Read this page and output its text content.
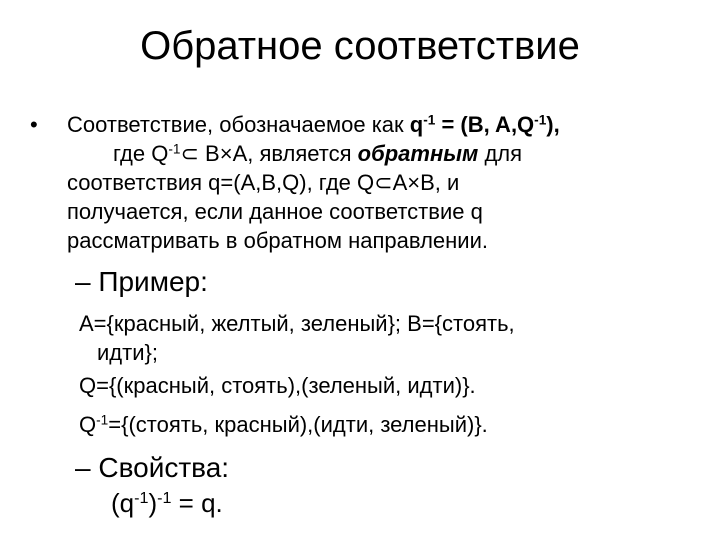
Обратное соответствие
• Соответствие, обозначаемое как $q^{-1} = (B$, $A,Q^{-1}$),
где $Q^{-1}\subset$ B×A, является обратным для
соответствия q=(A,B,Q), где Q⊂A×B, и
получается, если данное соответствие q
рассматривать в обратном направлении.
– Пример:
A={красный, желтый, зеленый}; B={стоять,
идти};
Q={(красный, стоять),(зеленый, идти)}.
$Q^{-1}=\{(стоять$, красный),(идти, зеленый)}.
– Свойства:
$(q^{-1})^{-1} = q$.
